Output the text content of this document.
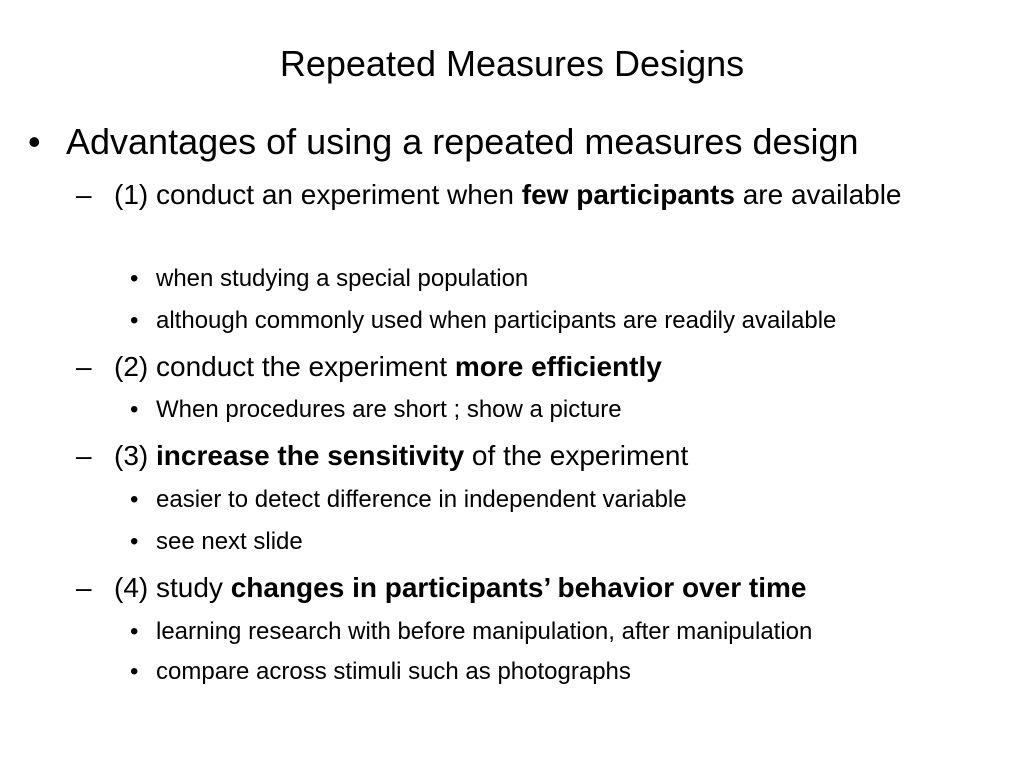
Repeated Measures Designs
• Advantages of using a repeated measures design
– (1) conduct an experiment when few participants are available
• when studying a special population
• although commonly used when participants are readily available
– (2) conduct the experiment more efficiently
• When procedures are short ; show a picture
– (3) increase the sensitivity of the experiment
• easier to detect difference in independent variable
• see next slide
– (4) study changes in participants’ behavior over time
• learning research with before manipulation, after manipulation
• compare across stimuli such as photographs
